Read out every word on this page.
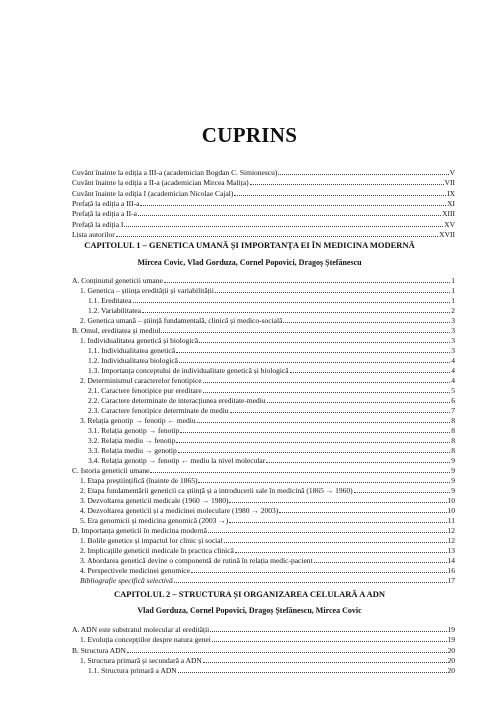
CUPRINS
Cuvânt înainte la ediția a III-a (academician Bogdan C. Simionescu)	V
Cuvânt înainte la ediția a II-a (academician Mircea Malița)	VII
Cuvânt înainte la ediția I (academician Nicolae Cajal)	IX
Prefață la ediția a III-a	XI
Prefață la ediția a II-a	XIII
Prefață la ediția I	XV
Lista autorilor	XVII
CAPITOLUL 1 – GENETICA UMANĂ ȘI IMPORTANȚA EI ÎN MEDICINA MODERNĂ
Mircea Covic, Vlad Gorduza, Cornel Popovici, Dragoș Ștefănescu
A. Conținutul geneticii umane	1
1. Genetica – știința eredității și variabilității	1
1.1. Ereditatea	1
1.2. Variabilitatea	2
2. Genetica umană – știință fundamentală, clinică și medico-socială	3
B. Omul, ereditatea și mediul	3
1. Individualitatea genetică și biologică	3
1.1. Individualitatea genetică	3
1.2. Individualitatea biologică	4
1.3. Importanța conceptului de individualitate genetică și biologică	4
2. Determinismul caracterelor fenotipice	4
2.1. Caractere fenotipice pur ereditare	5
2.2. Caractere determinate de interacțiunea ereditate-mediu	6
2.3. Caractere fenotipice determinate de mediu	7
3. Relația genotip → fenotip ← mediu	8
3.1. Relația genotip → fenotip	8
3.2. Relația mediu → fenotip	8
3.3. Relația mediu → genotip	8
3.4. Relația genotip → fenotip ← mediu la nivel molecular	9
C. Istoria geneticii umane	9
1. Etapa preștiințifică (înainte de 1865)	9
2. Etapa fundamentării geneticii ca știință și a introducerii sale în medicină (1865 → 1960)	9
3. Dezvoltarea geneticii medicale (1960 → 1980)	10
4. Dezvoltarea geneticii și a medicinei moleculare (1980 → 2003)	10
5. Era genomicii și medicina genomică (2003 →)	11
D. Importanța geneticii în medicina modernă	12
1. Bolile genetice și impactul lor clinic și social	12
2. Implicațiile geneticii medicale în practica clinică	13
3. Abordarea genetică devine o componentă de rutină în relația medic-pacient	14
4. Perspectivele medicinei genomice	16
Bibliografie specifică selectivă	17
CAPITOLUL 2 – STRUCTURA ȘI ORGANIZAREA CELULARĂ A ADN
Vlad Gorduza, Cornel Popovici, Dragoș Ștefănescu, Mircea Covic
A. ADN este substratul molecular al eredității	19
1. Evoluția concepțiilor despre natura genei	19
B. Structura ADN	20
1. Structura primară și secundară a ADN	20
1.1. Structura primară a ADN	20
